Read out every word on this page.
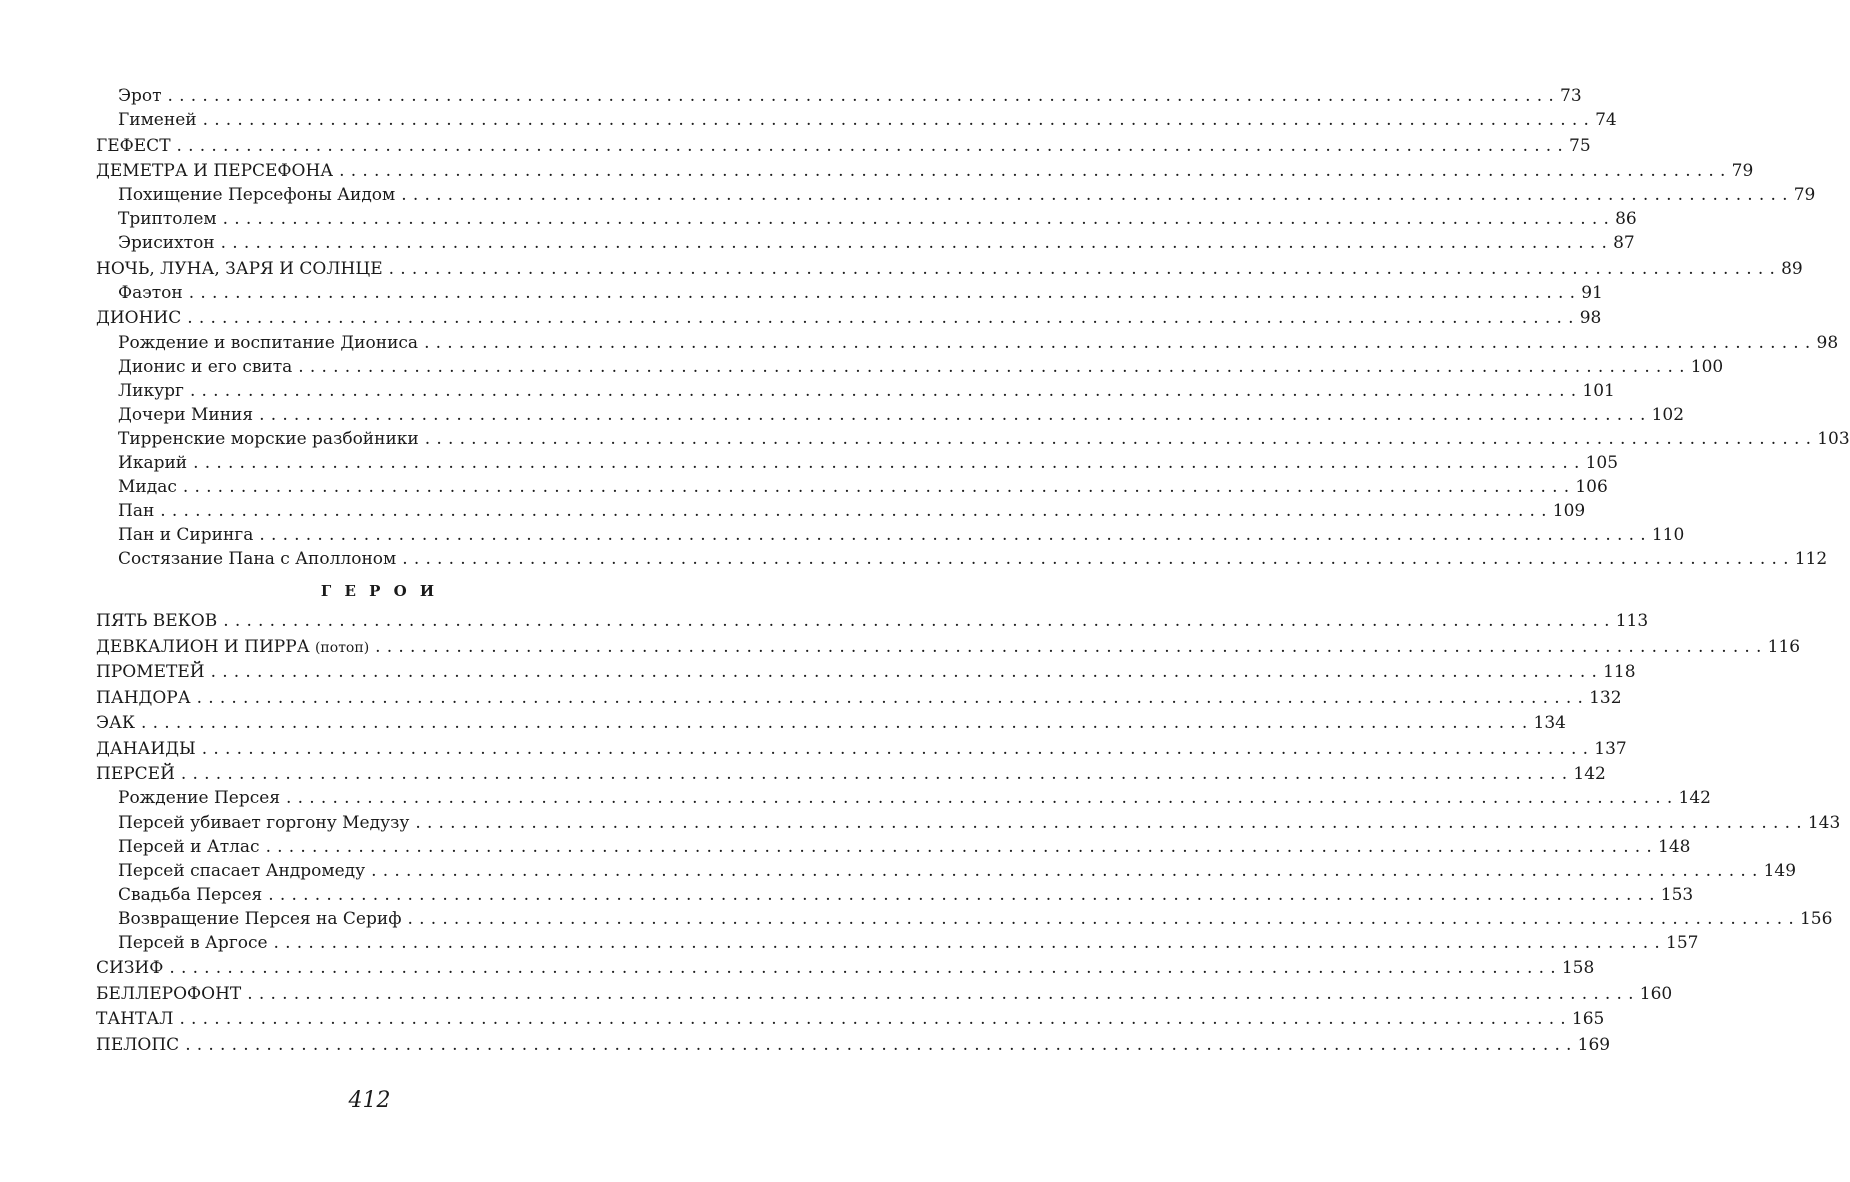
Эрот ........................................................................................................................ 73
Гименей ........................................................................................................................ 74
ГЕФЕСТ ........................................................................................................................ 75
ДЕМЕТРА И ПЕРСЕФОНА ........................................................................................................................ 79
Похищение Персефоны Аидом ........................................................................................................................ 79
Триптолем ........................................................................................................................ 86
Эрисихтон ........................................................................................................................ 87
НОЧЬ, ЛУНА, ЗАРЯ И СОЛНЦЕ ........................................................................................................................ 89
Фаэтон ........................................................................................................................ 91
ДИОНИС ........................................................................................................................ 98
Рождение и воспитание Диониса ........................................................................................................................ 98
Дионис и его свита ........................................................................................................................ 100
Ликург ........................................................................................................................ 101
Дочери Миния ........................................................................................................................ 102
Тирренские морские разбойники ........................................................................................................................ 103
Икарий ........................................................................................................................ 105
Мидас ........................................................................................................................ 106
Пан ........................................................................................................................ 109
Пан и Сиринга ........................................................................................................................ 110
Состязание Пана с Аполлоном ........................................................................................................................ 112
Г Е Р О И
ПЯТЬ ВЕКОВ ........................................................................................................................ 113
ДЕВКАЛИОН И ПИРРА (потоп) ........................................................................................................................ 116
ПРОМЕТЕЙ ........................................................................................................................ 118
ПАНДОРА ........................................................................................................................ 132
ЭАК ........................................................................................................................ 134
ДАНАИДЫ ........................................................................................................................ 137
ПЕРСЕЙ ........................................................................................................................ 142
Рождение Персея ........................................................................................................................ 142
Персей убивает горгону Медузу ........................................................................................................................ 143
Персей и Атлас ........................................................................................................................ 148
Персей спасает Андромеду ........................................................................................................................ 149
Свадьба Персея ........................................................................................................................ 153
Возвращение Персея на Сериф ........................................................................................................................ 156
Персей в Аргосе ........................................................................................................................ 157
СИЗИФ ........................................................................................................................ 158
БЕЛЛЕРОФОНТ ........................................................................................................................ 160
ТАНТАЛ ........................................................................................................................ 165
ПЕЛОПС ........................................................................................................................ 169
412
